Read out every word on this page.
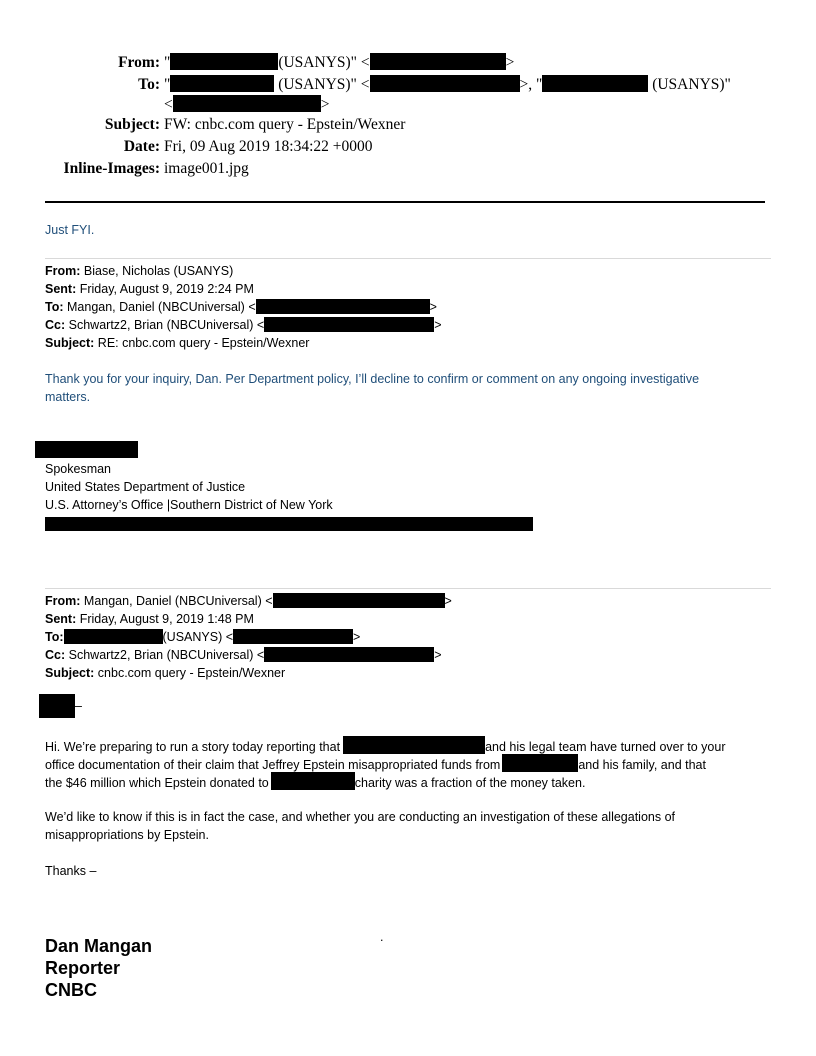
From: "	(USANYS)" <	>
To: "	(USANYS)" <	>, "	(USANYS)"
<	>
Subject: FW: cnbc.com query - Epstein/Wexner
Date: Fri, 09 Aug 2019 18:34:22 +0000
Inline-Images: image001.jpg
Just FYI.
From: Biase, Nicholas (USANYS)
Sent: Friday, August 9, 2019 2:24 PM
To: Mangan, Daniel (NBCUniversal) <	>
Cc: Schwartz2, Brian (NBCUniversal) <	>
Subject: RE: cnbc.com query - Epstein/Wexner
Thank you for your inquiry, Dan. Per Department policy, I’ll decline to confirm or comment on any ongoing investigative
matters.
Spokesman
United States Department of Justice
U.S. Attorney’s Office |Southern District of New York
From: Mangan, Daniel (NBCUniversal) <	>
Sent: Friday, August 9, 2019 1:48 PM
To:	(USANYS) <	>
Cc: Schwartz2, Brian (NBCUniversal) <	>
Subject: cnbc.com query - Epstein/Wexner
–
Hi. We’re preparing to run a story today reporting that	and his legal team have turned over to your
office documentation of their claim that Jeffrey Epstein misappropriated funds from	and his family, and that
the $46 million which Epstein donated to	charity was a fraction of the money taken.
We’d like to know if this is in fact the case, and whether you are conducting an investigation of these allegations of
misappropriations by Epstein.
Thanks –
.
Dan Mangan
Reporter
CNBC
